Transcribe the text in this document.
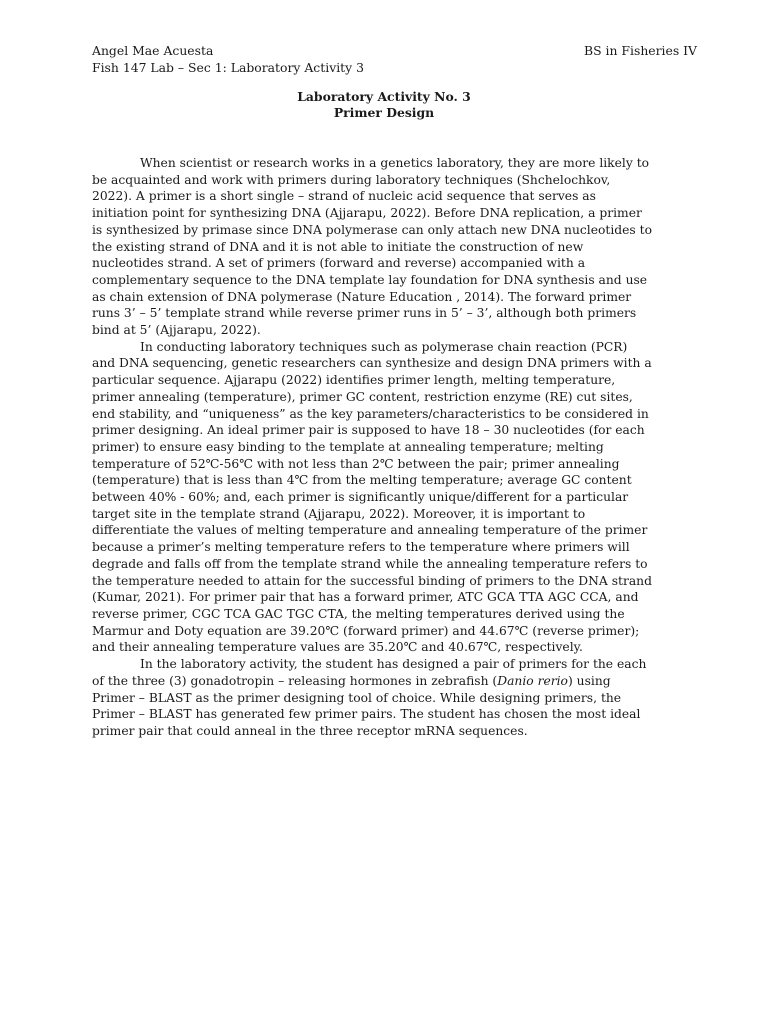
Angel Mae Acuesta	BS in Fisheries IV
Fish 147 Lab – Sec 1: Laboratory Activity 3
Laboratory Activity No. 3
Primer Design

When scientist or research works in a genetics laboratory, they are more likely to be acquainted and work with primers during laboratory techniques (Shchelochkov, 2022). A primer is a short single – strand of nucleic acid sequence that serves as initiation point for synthesizing DNA (Ajjarapu, 2022). Before DNA replication, a primer is synthesized by primase since DNA polymerase can only attach new DNA nucleotides to the existing strand of DNA and it is not able to initiate the construction of new nucleotides strand. A set of primers (forward and reverse) accompanied with a complementary sequence to the DNA template lay foundation for DNA synthesis and use as chain extension of DNA polymerase (Nature Education , 2014). The forward primer runs 3’ – 5’ template strand while reverse primer runs in 5’ – 3’, although both primers bind at 5’ (Ajjarapu, 2022).

In conducting laboratory techniques such as polymerase chain reaction (PCR) and DNA sequencing, genetic researchers can synthesize and design DNA primers with a particular sequence. Ajjarapu (2022) identifies primer length, melting temperature, primer annealing (temperature), primer GC content, restriction enzyme (RE) cut sites, end stability, and “uniqueness” as the key parameters/characteristics to be considered in primer designing. An ideal primer pair is supposed to have 18 – 30 nucleotides (for each primer) to ensure easy binding to the template at annealing temperature; melting temperature of 52℃-56℃ with not less than 2℃ between the pair; primer annealing (temperature) that is less than 4℃ from the melting temperature; average GC content between 40% - 60%; and, each primer is significantly unique/different for a particular target site in the template strand (Ajjarapu, 2022). Moreover, it is important to differentiate the values of melting temperature and annealing temperature of the primer because a primer’s melting temperature refers to the temperature where primers will degrade and falls off from the template strand while the annealing temperature refers to the temperature needed to attain for the successful binding of primers to the DNA strand (Kumar, 2021). For primer pair that has a forward primer, ATC GCA TTA AGC CCA, and reverse primer, CGC TCA GAC TGC CTA, the melting temperatures derived using the Marmur and Doty equation are 39.20℃ (forward primer) and 44.67℃ (reverse primer); and their annealing temperature values are 35.20℃ and 40.67℃, respectively.

In the laboratory activity, the student has designed a pair of primers for the each of the three (3) gonadotropin – releasing hormones in zebrafish (Danio rerio) using Primer – BLAST as the primer designing tool of choice. While designing primers, the Primer – BLAST has generated few primer pairs. The student has chosen the most ideal primer pair that could anneal in the three receptor mRNA sequences.
